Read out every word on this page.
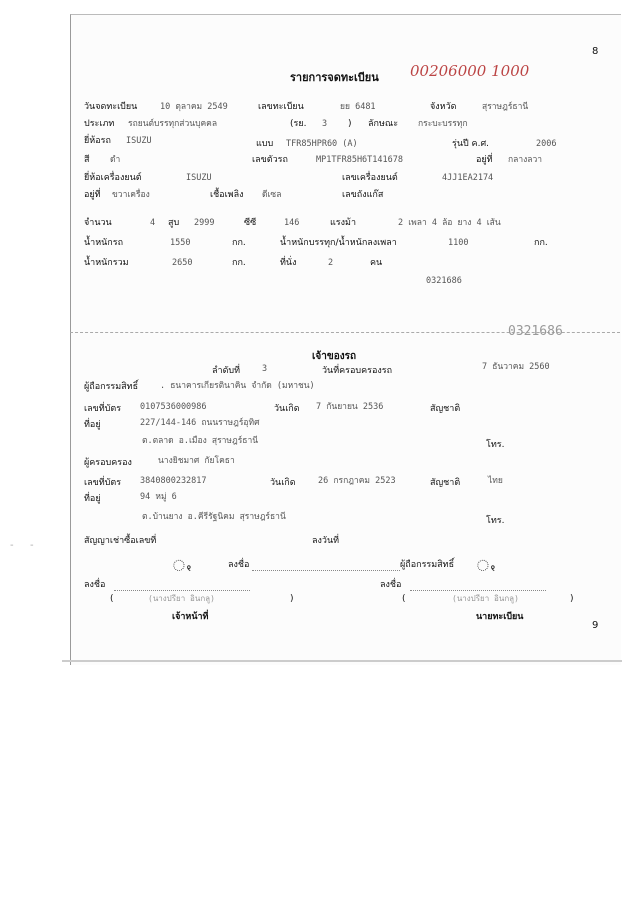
- -
8
รายการจดทะเบียน 00206000 1000
วันจดทะเบียน	10 ตุลาคม 2549	เลขทะเบียน	ยย 6481	จังหวัด	สุราษฎร์ธานี
ประเภท รถยนต์บรรทุกส่วนบุคคล	(รย. 3 ) ลักษณะ กระบะบรรทุก
ยี่ห้อรถ ISUZU	แบบ TFR85HPR60 (A)	รุ่นปี ค.ศ.	2006
สี ดำ	เลขตัวรถ	MP1TFR85H6T141678	อยู่ที่ กลางลวา
ยี่ห้อเครื่องยนต์	ISUZU	เลขเครื่องยนต์	4JJ1EA2174
อยู่ที่ ขวาเครื่อง	เชื้อเพลิง ดีเซล	เลขถังแก๊ส
จำนวน	4 สูบ 2999	ซีซี	146	แรงม้า	2 เพลา 4 ล้อ ยาง 4 เส้น
น้ำหนักรถ	1550	กก.	น้ำหนักบรรทุก/น้ำหนักลงเพลา	1100	กก.
น้ำหนักรวม	2650	กก.	ที่นั่ง	2	คน
0321686
0321686
เจ้าของรถ
ลำดับที่	3	วันที่ครอบครองรถ	7 ธันวาคม 2560
ผู้ถือกรรมสิทธิ์	. ธนาคารเกียรตินาคิน จำกัด (มหาชน)
เลขที่บัตร 0107536000986	วันเกิด 7 กันยายน 2536	สัญชาติ
ที่อยู่	227/144-146 ถนนราษฎร์อุทิศ
ต.ตลาด อ.เมือง สุราษฎร์ธานี	โทร.
ผู้ครอบครอง	นางยิชมาศ กัยโคธา
เลขที่บัตร 3840800232817	วันเกิด	26 กรกฎาคม 2523	สัญชาติ	ไทย
ที่อยู่	94 หมู่ 6
ต.บ้านยาง อ.คีรีรัฐนิคม สุราษฎร์ธานี	โทร.
สัญญาเช่าซื้อเลขที่	ลงวันที่
ꩻ	ลงชื่อ	ผู้ถือกรรมสิทธิ์ ꩻ
ลงชื่อ	ลงชื่อ
(	(นางปรียา อินกลู)	)	(	(นางปรียา อินกลู)	)
เจ้าหน้าที่	นายทะเบียน
9
